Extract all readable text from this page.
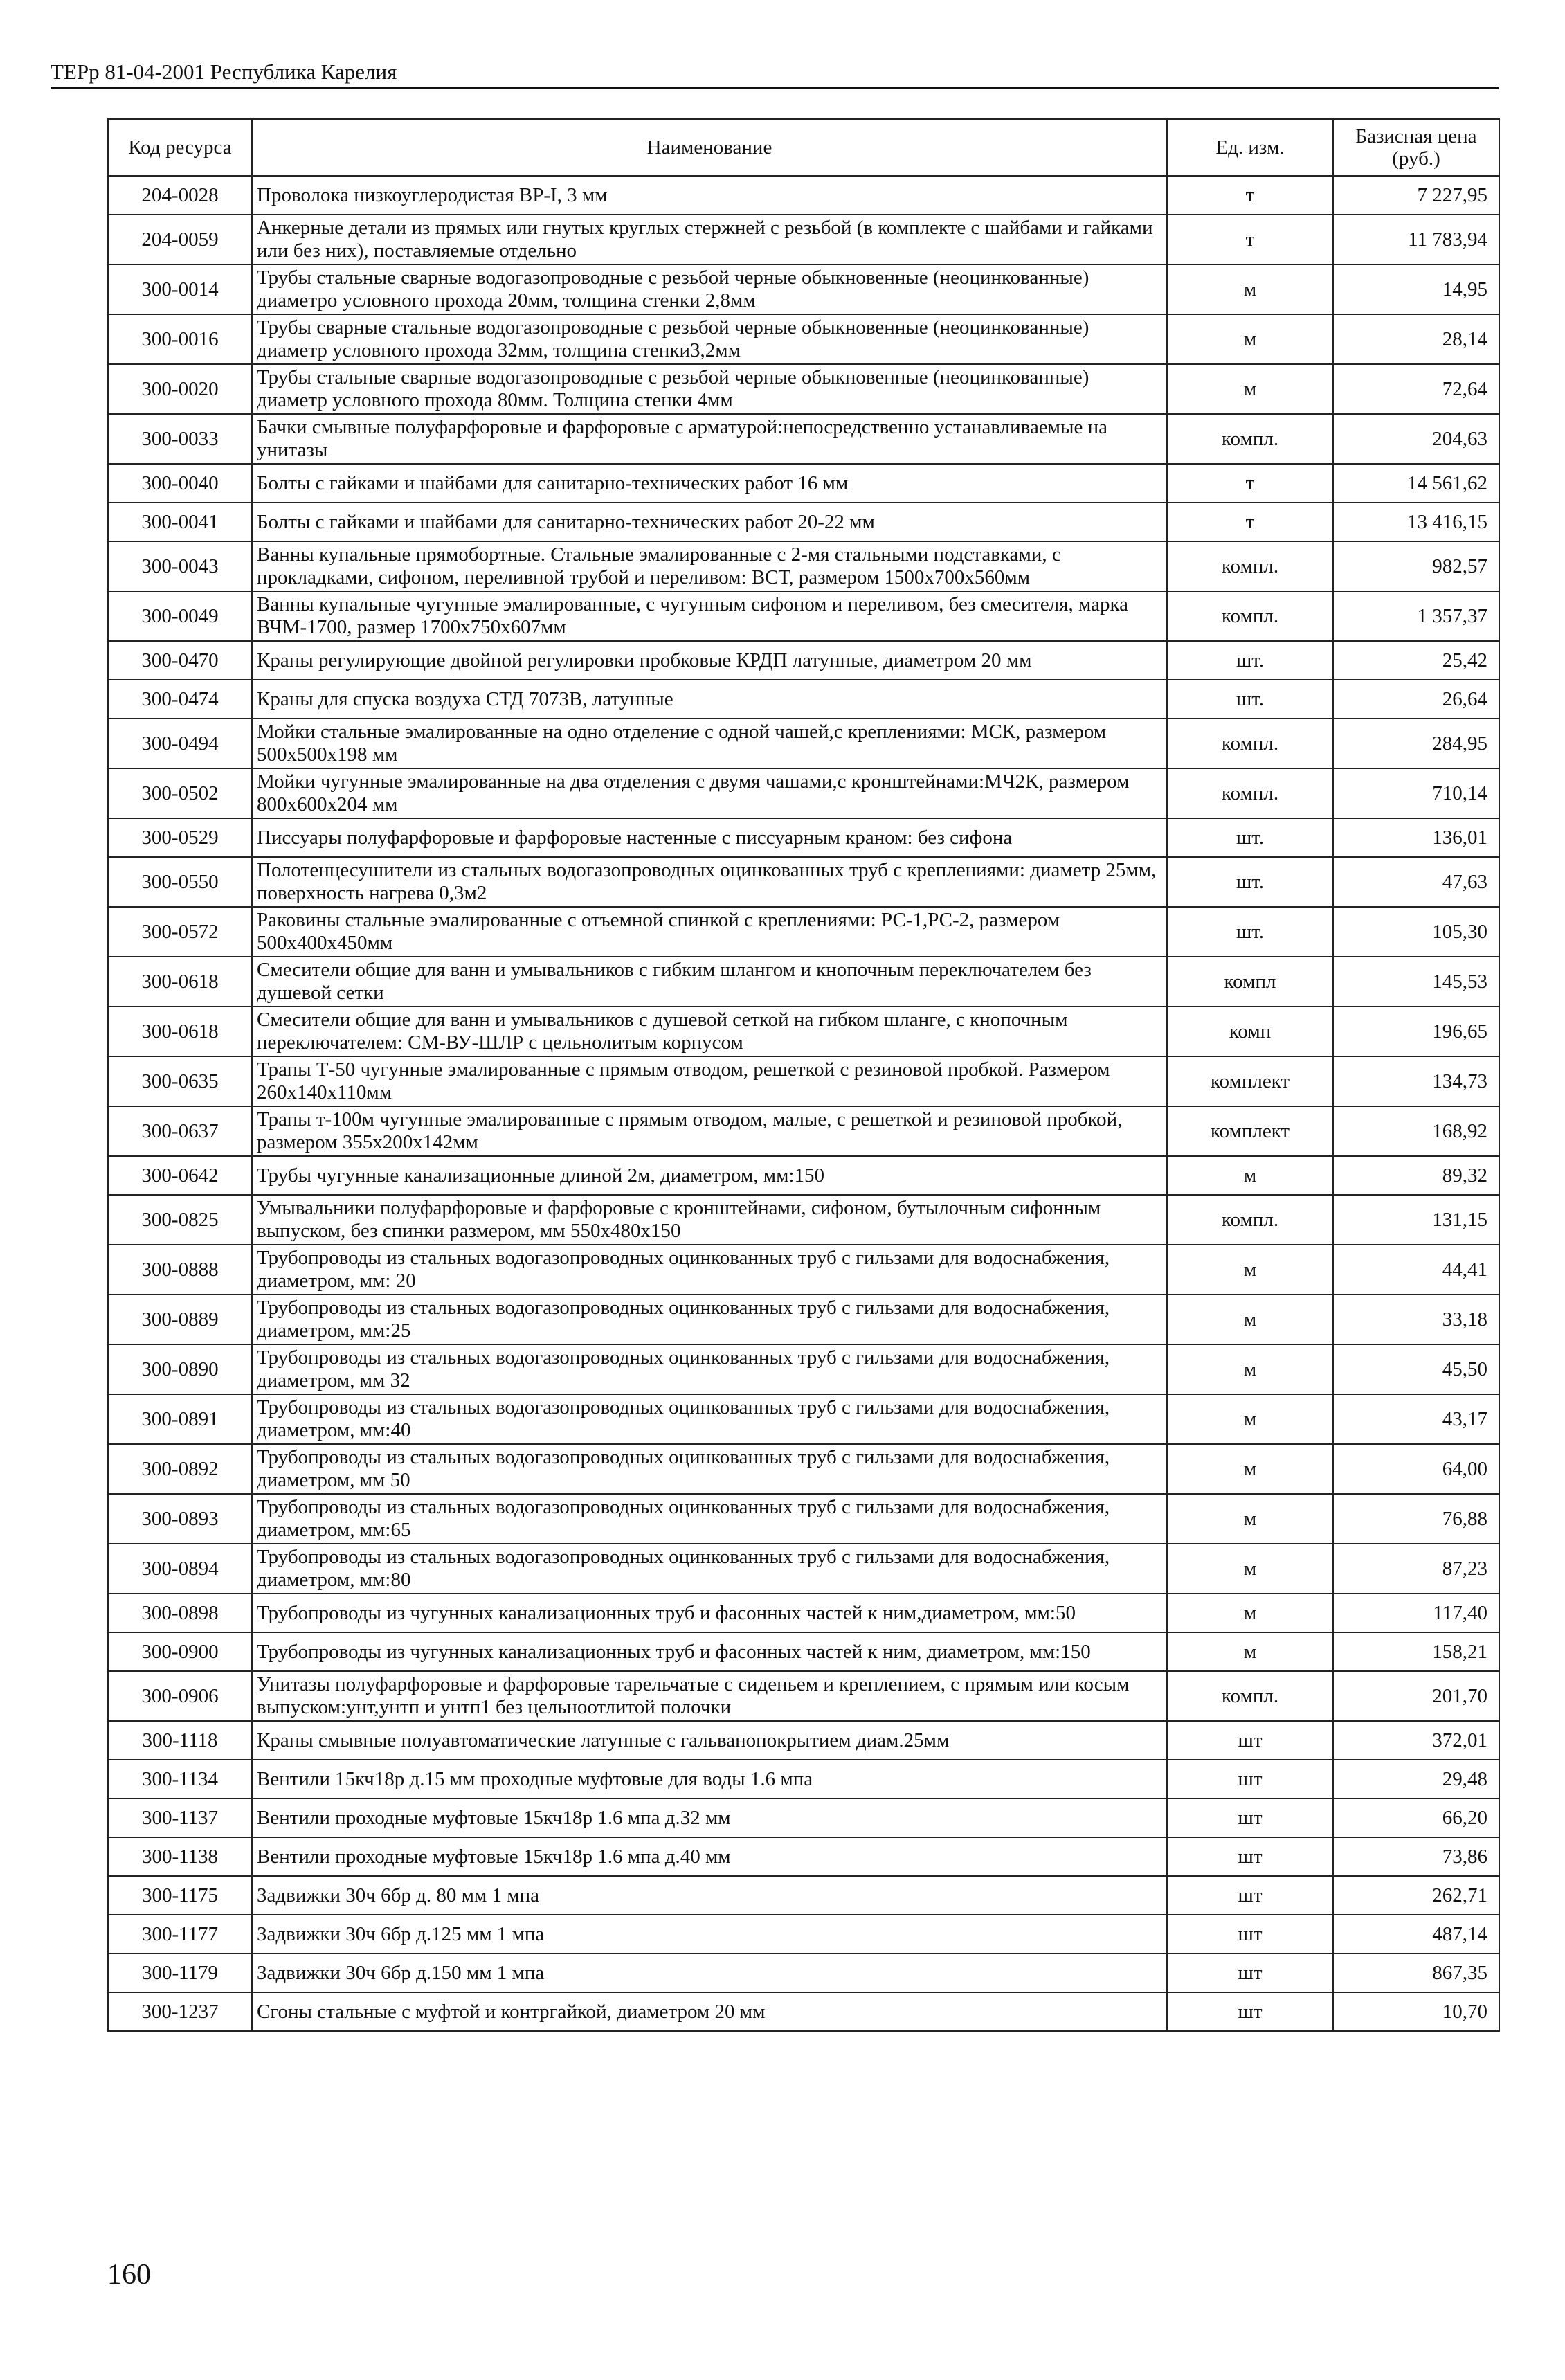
ТЕРр 81-04-2001 Республика Карелия
Код ресурса	Наименование	Ед. изм.	Базисная цена (руб.)
204-0028	Проволока низкоуглеродистая ВР-I, 3 мм	т	7 227,95
204-0059	Анкерные детали из прямых или гнутых круглых стержней с резьбой (в комплекте с шайбами и гайками или без них), поставляемые отдельно	т	11 783,94
300-0014	Трубы стальные сварные водогазопроводные с резьбой черные обыкновенные (неоцинкованные) диаметро условного прохода 20мм, толщина стенки 2,8мм	м	14,95
300-0016	Трубы сварные стальные водогазопроводные с резьбой черные обыкновенные (неоцинкованные) диаметр условного прохода 32мм, толщина стенки3,2мм	м	28,14
300-0020	Трубы стальные сварные водогазопроводные с резьбой черные обыкновенные (неоцинкованные) диаметр условного прохода 80мм. Толщина стенки 4мм	м	72,64
300-0033	Бачки смывные полуфарфоровые и фарфоровые с арматурой:непосредственно устанавливаемые на унитазы	компл.	204,63
300-0040	Болты с гайками и шайбами для санитарно-технических работ 16 мм	т	14 561,62
300-0041	Болты с гайками и шайбами для санитарно-технических работ 20-22 мм	т	13 416,15
300-0043	Ванны купальные прямобортные. Стальные эмалированные с 2-мя стальными подставками, с прокладками, сифоном, переливной трубой и переливом: ВСТ, размером 1500х700х560мм	компл.	982,57
300-0049	Ванны купальные чугунные эмалированные, с чугунным сифоном и переливом, без смесителя, марка ВЧМ-1700, размер 1700х750х607мм	компл.	1 357,37
300-0470	Краны регулирующие двойной регулировки пробковые КРДП латунные, диаметром 20 мм	шт.	25,42
300-0474	Краны для спуска воздуха СТД 7073В, латунные	шт.	26,64
300-0494	Мойки стальные эмалированные на одно отделение с одной чашей,с креплениями: МСК, размером 500х500х198 мм	компл.	284,95
300-0502	Мойки чугунные эмалированные на два отделения с двумя чашами,с кронштейнами:МЧ2К, размером 800х600х204 мм	компл.	710,14
300-0529	Писсуары полуфарфоровые и фарфоровые настенные с писсуарным краном: без сифона	шт.	136,01
300-0550	Полотенцесушители из стальных водогазопроводных оцинкованных труб с креплениями: диаметр 25мм, поверхность нагрева 0,3м2	шт.	47,63
300-0572	Раковины стальные эмалированные с отъемной спинкой с креплениями: РС-1,РС-2, размером 500х400х450мм	шт.	105,30
300-0618	Смесители общие для ванн и умывальников с гибким шлангом и кнопочным переключателем без душевой сетки	компл	145,53
300-0618	Смесители общие для ванн и умывальников с душевой сеткой на гибком шланге, с кнопочным переключателем: СМ-ВУ-ШЛР с цельнолитым корпусом	комп	196,65
300-0635	Трапы Т-50 чугунные эмалированные с прямым отводом, решеткой с резиновой пробкой. Размером 260х140х110мм	комплект	134,73
300-0637	Трапы т-100м чугунные эмалированные с прямым отводом, малые, с решеткой и резиновой пробкой, размером 355х200х142мм	комплект	168,92
300-0642	Трубы чугунные канализационные длиной 2м, диаметром, мм:150	м	89,32
300-0825	Умывальники полуфарфоровые и фарфоровые с кронштейнами, сифоном, бутылочным сифонным выпуском, без спинки размером, мм 550х480х150	компл.	131,15
300-0888	Трубопроводы из стальных водогазопроводных оцинкованных труб с гильзами для водоснабжения, диаметром, мм: 20	м	44,41
300-0889	Трубопроводы из стальных водогазопроводных оцинкованных труб с гильзами для водоснабжения, диаметром, мм:25	м	33,18
300-0890	Трубопроводы из стальных водогазопроводных оцинкованных труб с гильзами для водоснабжения, диаметром, мм 32	м	45,50
300-0891	Трубопроводы из стальных водогазопроводных оцинкованных труб с гильзами для водоснабжения, диаметром, мм:40	м	43,17
300-0892	Трубопроводы из стальных водогазопроводных оцинкованных труб с гильзами для водоснабжения, диаметром, мм 50	м	64,00
300-0893	Трубопроводы из стальных водогазопроводных оцинкованных труб с гильзами для водоснабжения, диаметром, мм:65	м	76,88
300-0894	Трубопроводы из стальных водогазопроводных оцинкованных труб с гильзами для водоснабжения, диаметром, мм:80	м	87,23
300-0898	Трубопроводы из чугунных канализационных труб и фасонных частей к ним,диаметром, мм:50	м	117,40
300-0900	Трубопроводы из чугунных канализационных труб и фасонных частей к ним, диаметром, мм:150	м	158,21
300-0906	Унитазы полуфарфоровые и фарфоровые тарельчатые с сиденьем и креплением, с прямым или косым выпуском:унт,унтп и унтп1 без цельноотлитой полочки	компл.	201,70
300-1118	Краны смывные полуавтоматические латунные с гальванопокрытием диам.25мм	шт	372,01
300-1134	Вентили 15кч18р д.15 мм проходные муфтовые для воды 1.6 мпа	шт	29,48
300-1137	Вентили проходные муфтовые 15кч18р 1.6 мпа д.32 мм	шт	66,20
300-1138	Вентили проходные муфтовые 15кч18р 1.6 мпа д.40 мм	шт	73,86
300-1175	Задвижки 30ч 6бр д. 80 мм 1 мпа	шт	262,71
300-1177	Задвижки 30ч 6бр д.125 мм 1 мпа	шт	487,14
300-1179	Задвижки 30ч 6бр д.150 мм 1 мпа	шт	867,35
300-1237	Сгоны стальные с муфтой и контргайкой, диаметром 20 мм	шт	10,70
160
